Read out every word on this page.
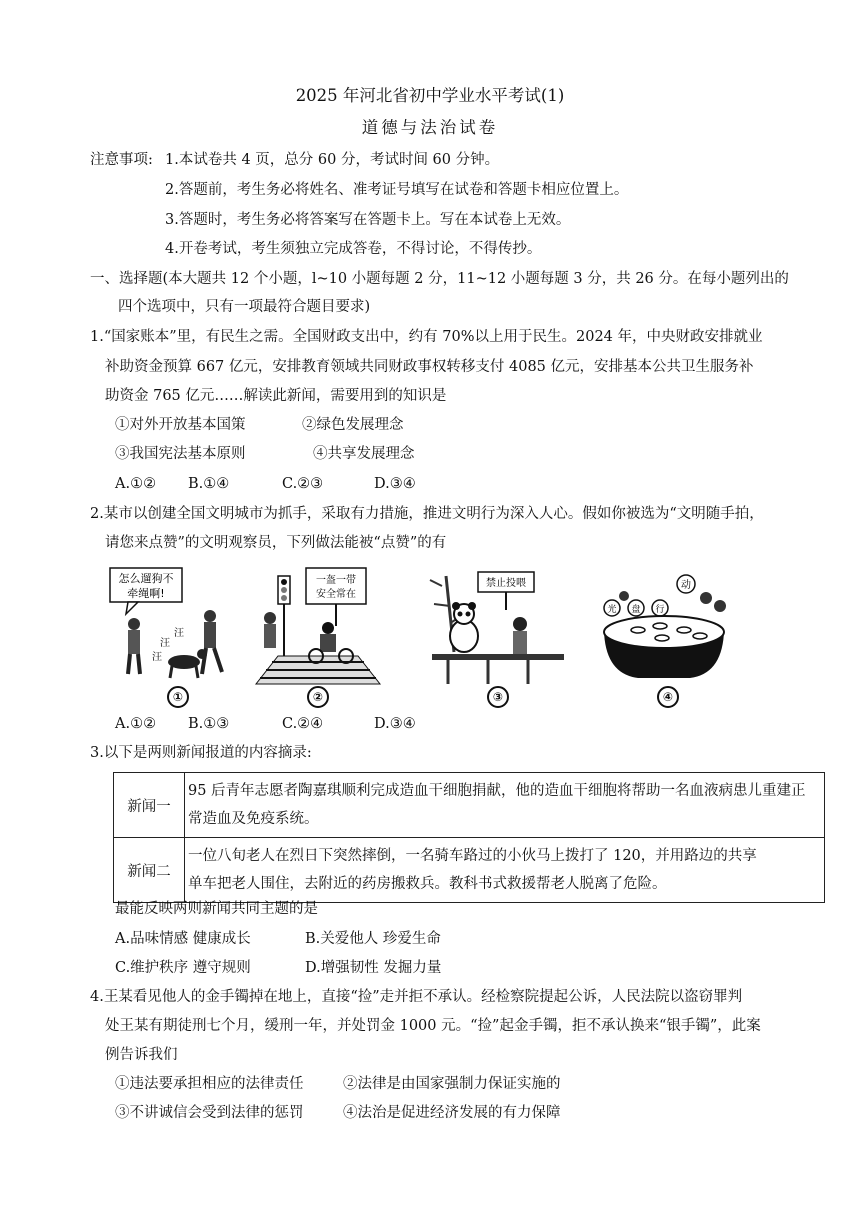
2025 年河北省初中学业水平考试(1)
道德与法治试卷
注意事项: 1.本试卷共 4 页，总分 60 分，考试时间 60 分钟。
2.答题前，考生务必将姓名、准考证号填写在试卷和答题卡相应位置上。
3.答题时，考生务必将答案写在答题卡上。写在本试卷上无效。
4.开卷考试，考生须独立完成答卷，不得讨论，不得传抄。
一、选择题(本大题共 12 个小题，l~10 小题每题 2 分，11~12 小题每题 3 分，共 26 分。在每小题列出的
四个选项中，只有一项最符合题目要求)
1.“国家账本”里，有民生之需。全国财政支出中，约有 70%以上用于民生。2024 年，中央财政安排就业
补助资金预算 667 亿元，安排教育领域共同财政事权转移支付 4085 亿元，安排基本公共卫生服务补
助资金 765 亿元……解读此新闻，需要用到的知识是
①对外开放基本国策	②绿色发展理念
③我国宪法基本原则	④共享发展理念
A.①② B.①④	C.②③	D.③④
2.某市以创建全国文明城市为抓手，采取有力措施，推进文明行为深入人心。假如你被选为“文明随手拍，
请您来点赞”的文明观察员，下列做法能被“点赞”的有
怎么遛狗不
牵绳啊!
汪
汪
汪
①
一盔一带
安全常在
②
禁止投喂
③
光 盘 行
动
④
A.①② B.①③	C.②④	D.③④
3.以下是两则新闻报道的内容摘录:
新闻一	95 后青年志愿者陶嘉琪顺利完成造血干细胞捐献，他的造血干细胞将帮助一名血液病患儿重建正
常造血及免疫系统。

新闻二	一位八旬老人在烈日下突然摔倒，一名骑车路过的小伙马上拨打了 120，并用路边的共享
单车把老人围住，去附近的药房搬救兵。教科书式救援帮老人脱离了危险。
最能反映两则新闻共同主题的是
A.品味情感 健康成长	B.关爱他人 珍爱生命
C.维护秩序 遵守规则	D.增强韧性 发掘力量
4.王某看见他人的金手镯掉在地上，直接“捡”走并拒不承认。经检察院提起公诉，人民法院以盗窃罪判
处王某有期徒刑七个月，缓刑一年，并处罚金 1000 元。“捡”起金手镯，拒不承认换来“银手镯”，此案
例告诉我们
①违法要承担相应的法律责任	②法律是由国家强制力保证实施的
③不讲诚信会受到法律的惩罚	④法治是促进经济发展的有力保障
